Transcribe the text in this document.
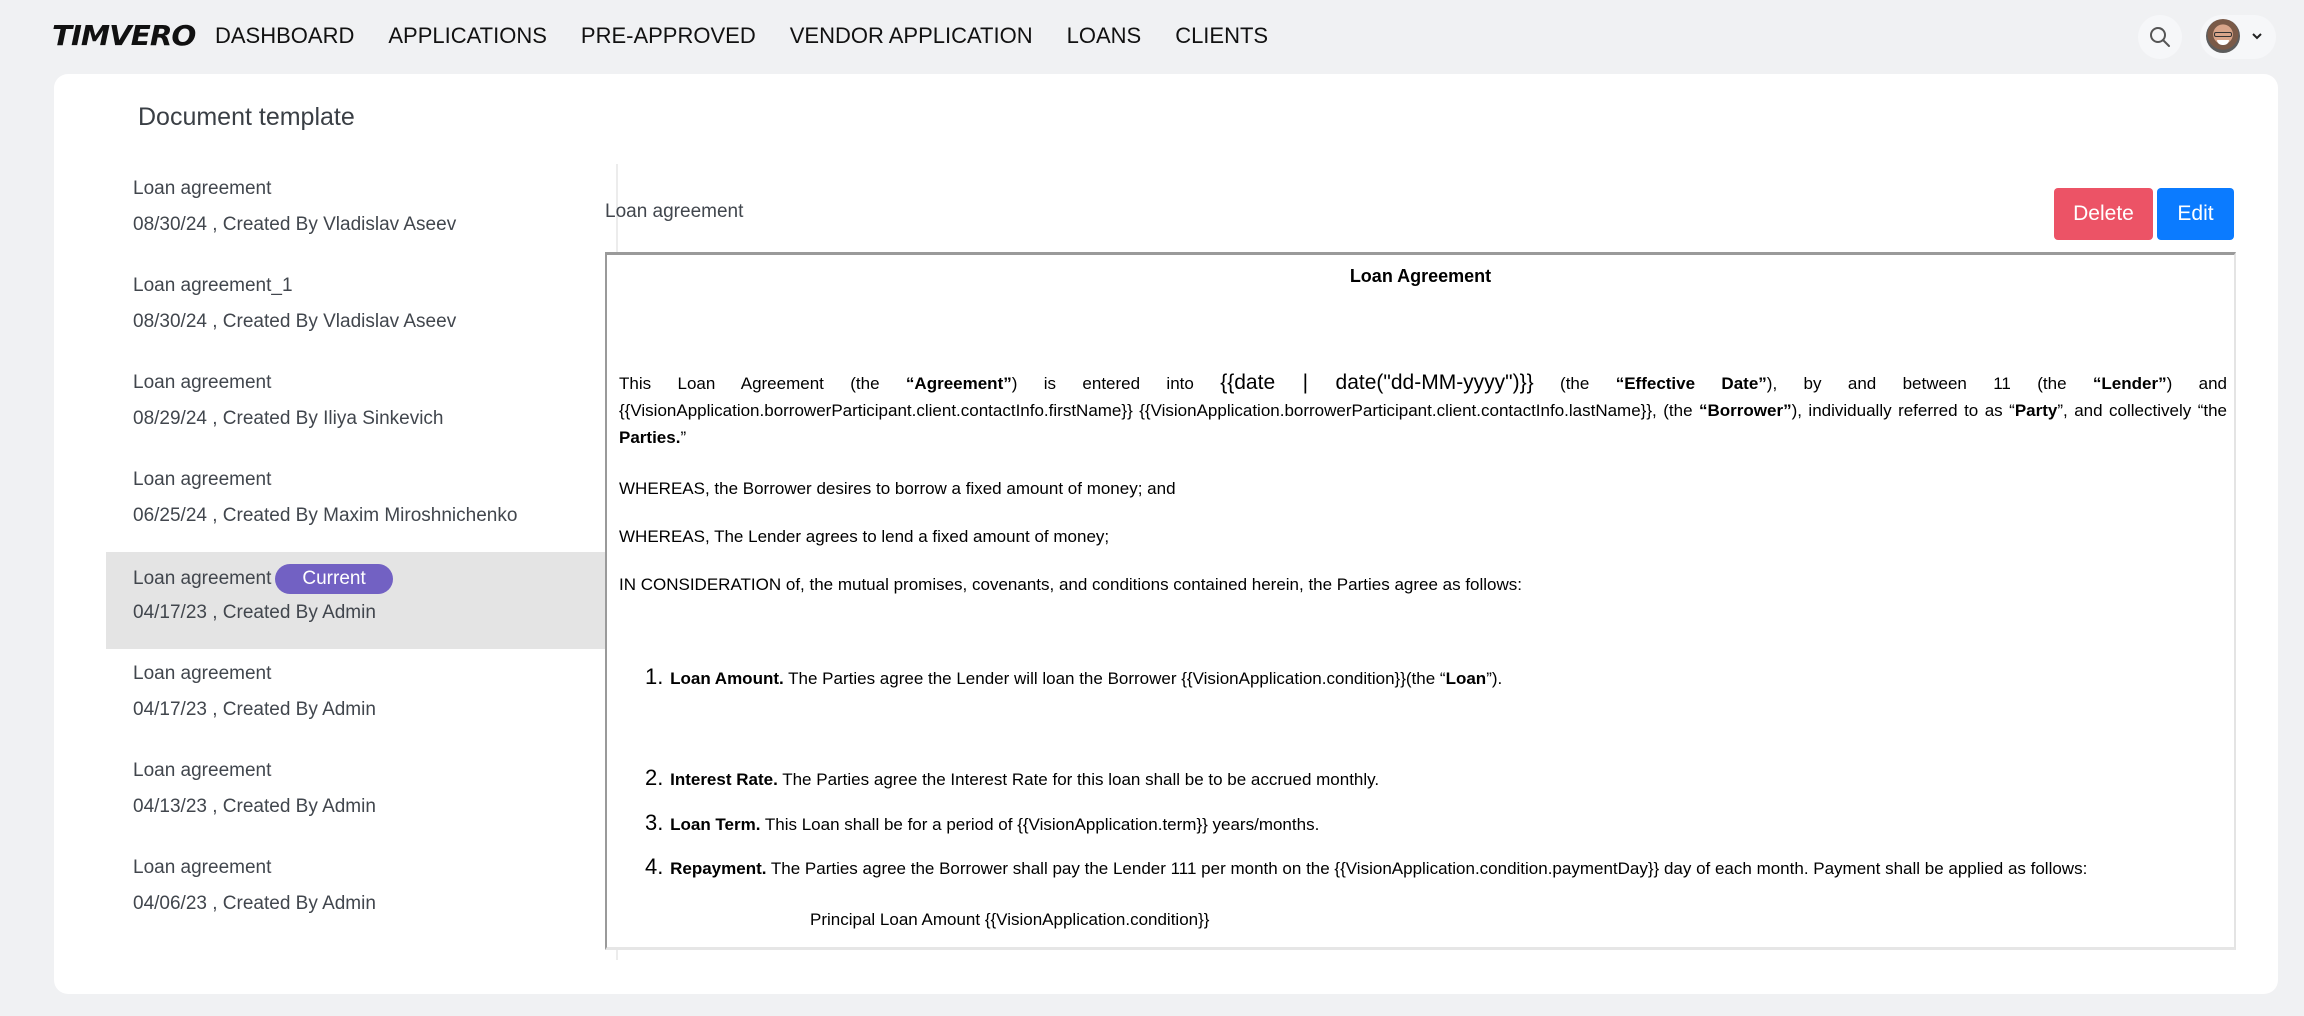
TIMVERO DASHBOARD APPLICATIONS PRE-APPROVED VENDOR APPLICATION LOANS CLIENTS
Document template
Loan agreement
08/30/24 , Created By Vladislav Aseev
Loan agreement_1
08/30/24 , Created By Vladislav Aseev
Loan agreement
08/29/24 , Created By Iliya Sinkevich
Loan agreement
06/25/24 , Created By Maxim Miroshnichenko
Loan agreement	Current
04/17/23 , Created By Admin
Loan agreement
04/17/23 , Created By Admin
Loan agreement
04/13/23 , Created By Admin
Loan agreement
04/06/23 , Created By Admin
Loan agreement	Delete	Edit
Loan Agreement
This Loan Agreement (the “Agreement”) is entered into {{date | date("dd-MM-yyyy")}} (the “Effective Date”), by and between 11 (the “Lender”) and {{VisionApplication.borrowerParticipant.client.contactInfo.firstName}} {{VisionApplication.borrowerParticipant.client.contactInfo.lastName}}, (the “Borrower”), individually referred to as “Party”, and collectively “the Parties.”
WHEREAS, the Borrower desires to borrow a fixed amount of money; and
WHEREAS, The Lender agrees to lend a fixed amount of money;
IN CONSIDERATION of, the mutual promises, covenants, and conditions contained herein, the Parties agree as follows:
1. Loan Amount. The Parties agree the Lender will loan the Borrower {{VisionApplication.condition}}(the “Loan”).
2. Interest Rate. The Parties agree the Interest Rate for this loan shall be to be accrued monthly.
3. Loan Term. This Loan shall be for a period of {{VisionApplication.term}} years/months.
4. Repayment. The Parties agree the Borrower shall pay the Lender 111 per month on the {{VisionApplication.condition.paymentDay}} day of each month. Payment shall be applied as follows:
Principal Loan Amount {{VisionApplication.condition}}
